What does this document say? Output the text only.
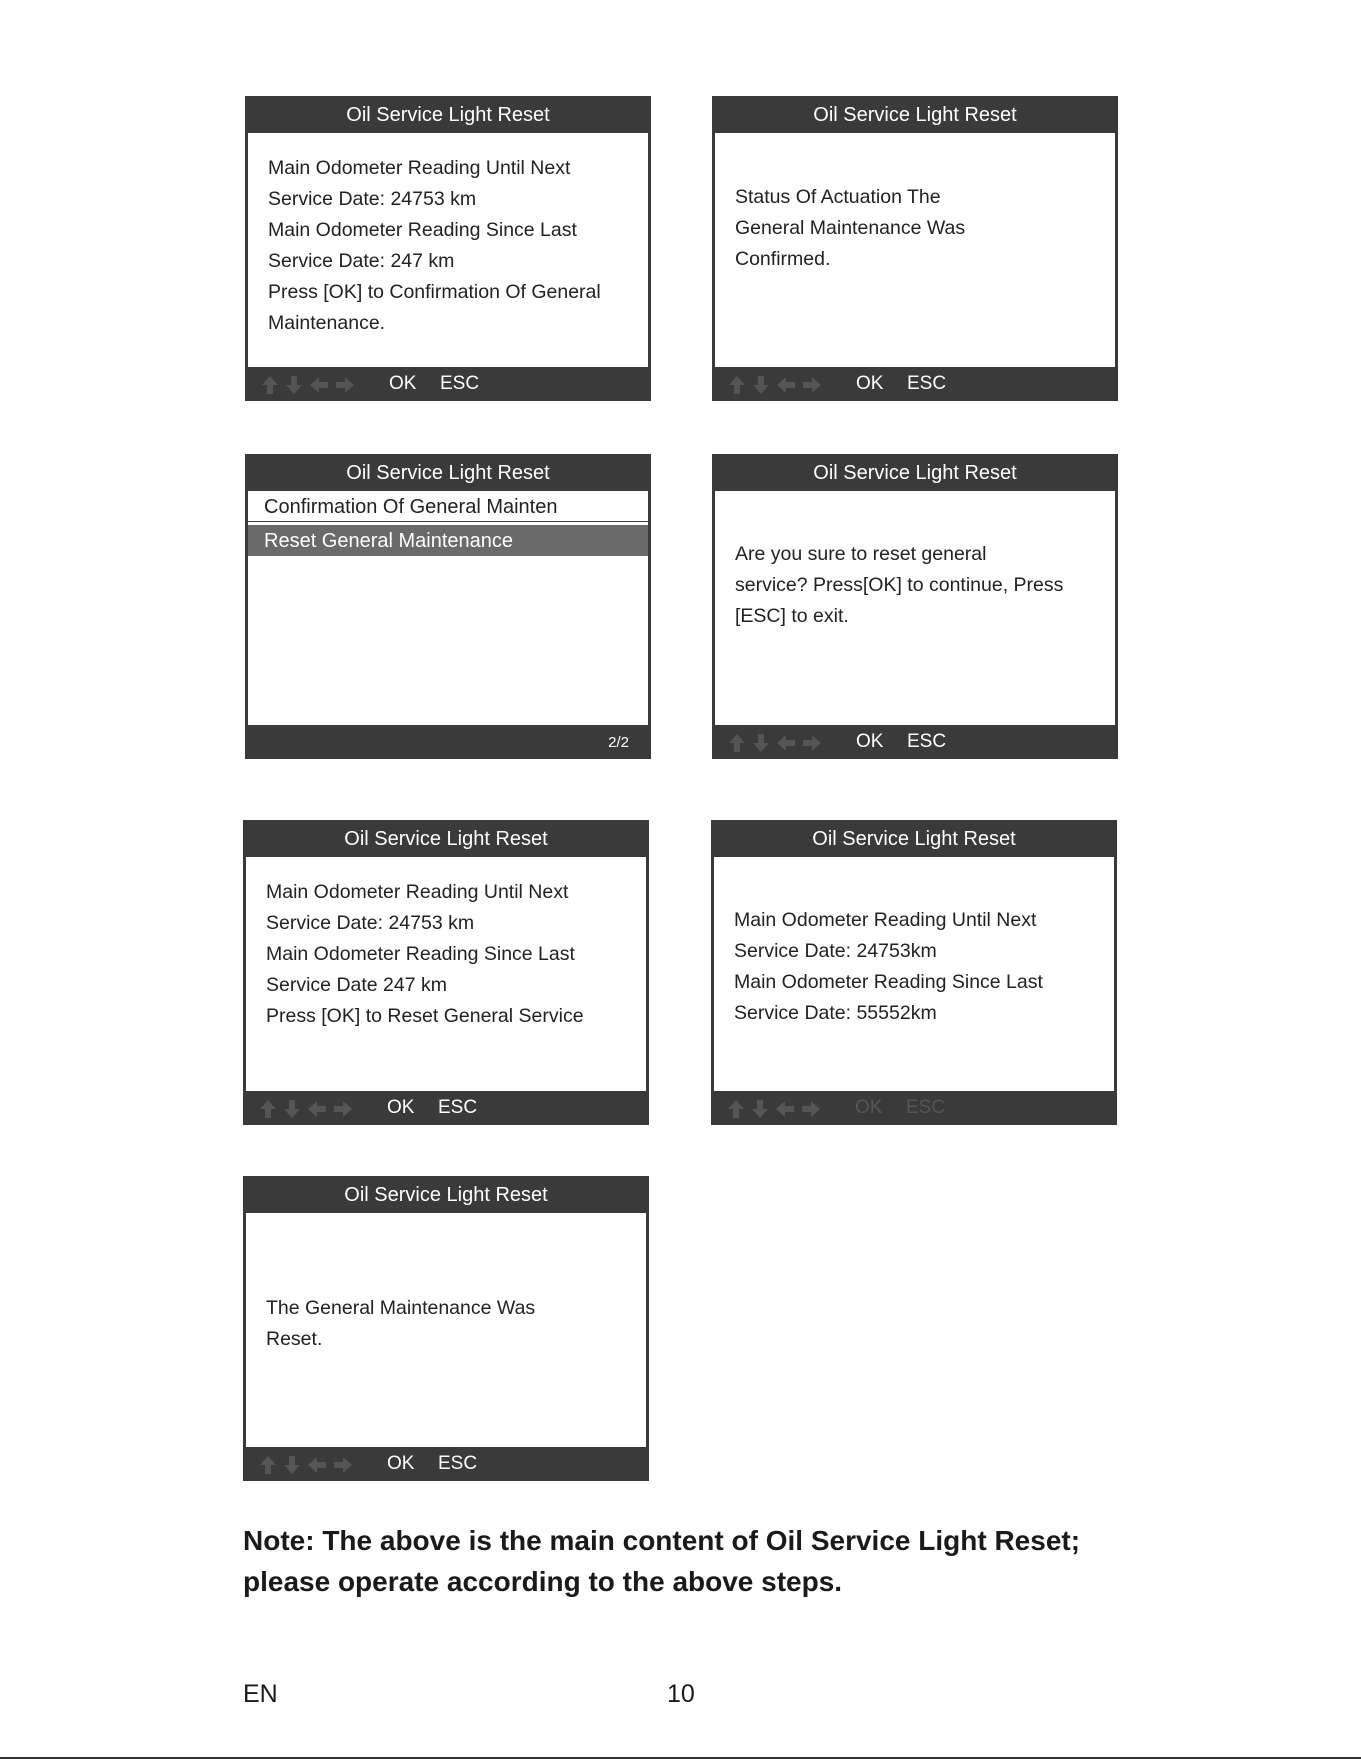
Oil Service Light Reset
Main Odometer Reading Until Next
Service Date: 24753 km
Main Odometer Reading Since Last
Service Date: 247 km
Press [OK] to Confirmation Of General
Maintenance.
OK ESC
Oil Service Light Reset
Status Of Actuation The
General Maintenance Was
Confirmed.
OK ESC
Oil Service Light Reset
Confirmation Of General Mainten
Reset General Maintenance
2/2
Oil Service Light Reset
Are you sure to reset general
service? Press[OK] to continue, Press
[ESC] to exit.
OK ESC
Oil Service Light Reset
Main Odometer Reading Until Next
Service Date: 24753 km
Main Odometer Reading Since Last
Service Date 247 km
Press [OK] to Reset General Service
OK ESC
Oil Service Light Reset
Main Odometer Reading Until Next
Service Date: 24753km
Main Odometer Reading Since Last
Service Date: 55552km
OK ESC
Oil Service Light Reset
The General Maintenance Was
Reset.
OK ESC
Note: The above is the main content of Oil Service Light Reset; please operate according to the above steps.
EN	10
